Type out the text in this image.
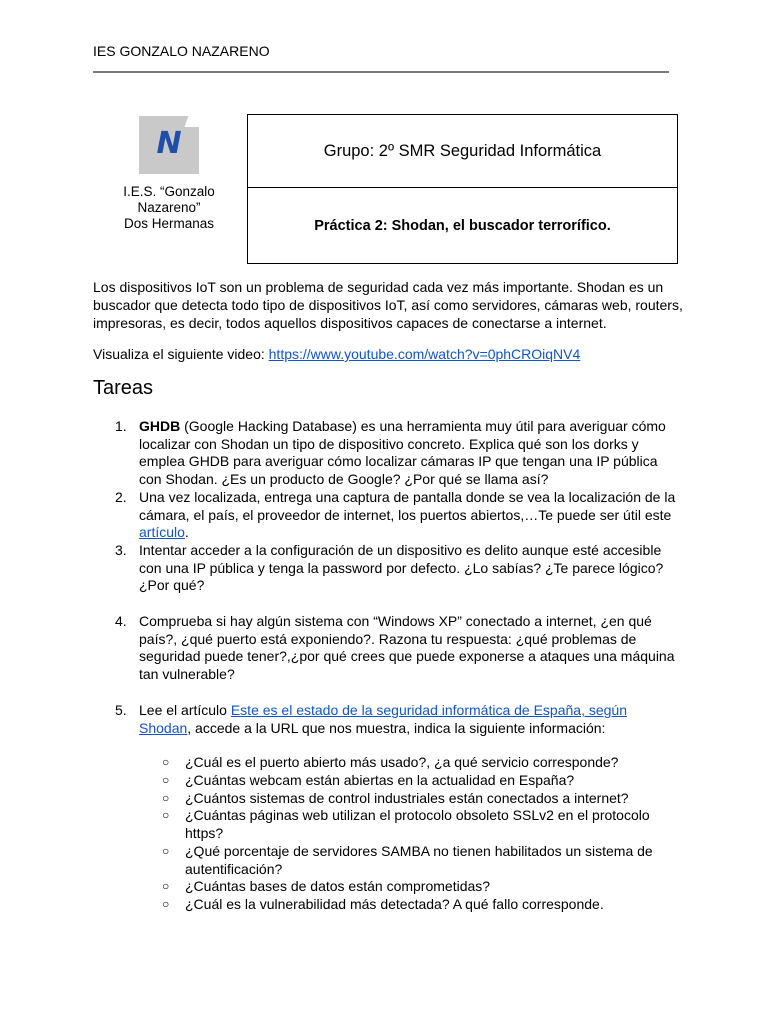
IES GONZALO NAZARENO
N
I.E.S. “Gonzalo
Nazareno”
Dos Hermanas
Grupo: 2º SMR Seguridad Informática
Práctica 2: Shodan, el buscador terrorífico.
Los dispositivos IoT son un problema de seguridad cada vez más importante. Shodan es un buscador que detecta todo tipo de dispositivos IoT, así como servidores, cámaras web, routers, impresoras, es decir, todos aquellos dispositivos capaces de conectarse a internet.
Visualiza el siguiente video: https://www.youtube.com/watch?v=0phCROiqNV4
Tareas
1. GHDB (Google Hacking Database) es una herramienta muy útil para averiguar cómo localizar con Shodan un tipo de dispositivo concreto. Explica qué son los dorks y emplea GHDB para averiguar cómo localizar cámaras IP que tengan una IP pública con Shodan. ¿Es un producto de Google? ¿Por qué se llama así?
2. Una vez localizada, entrega una captura de pantalla donde se vea la localización de la cámara, el país, el proveedor de internet, los puertos abiertos,…Te puede ser útil este artículo.
3. Intentar acceder a la configuración de un dispositivo es delito aunque esté accesible con una IP pública y tenga la password por defecto. ¿Lo sabías? ¿Te parece lógico? ¿Por qué?
4. Comprueba si hay algún sistema con “Windows XP” conectado a internet, ¿en qué país?, ¿qué puerto está exponiendo?. Razona tu respuesta: ¿qué problemas de seguridad puede tener?,¿por qué crees que puede exponerse a ataques una máquina tan vulnerable?
5. Lee el artículo Este es el estado de la seguridad informática de España, según Shodan, accede a la URL que nos muestra, indica la siguiente información:
○ ¿Cuál es el puerto abierto más usado?, ¿a qué servicio corresponde?
○ ¿Cuántas webcam están abiertas en la actualidad en España?
○ ¿Cuántos sistemas de control industriales están conectados a internet?
○ ¿Cuántas páginas web utilizan el protocolo obsoleto SSLv2 en el protocolo https?
○ ¿Qué porcentaje de servidores SAMBA no tienen habilitados un sistema de autentificación?
○ ¿Cuántas bases de datos están comprometidas?
○ ¿Cuál es la vulnerabilidad más detectada? A qué fallo corresponde.
